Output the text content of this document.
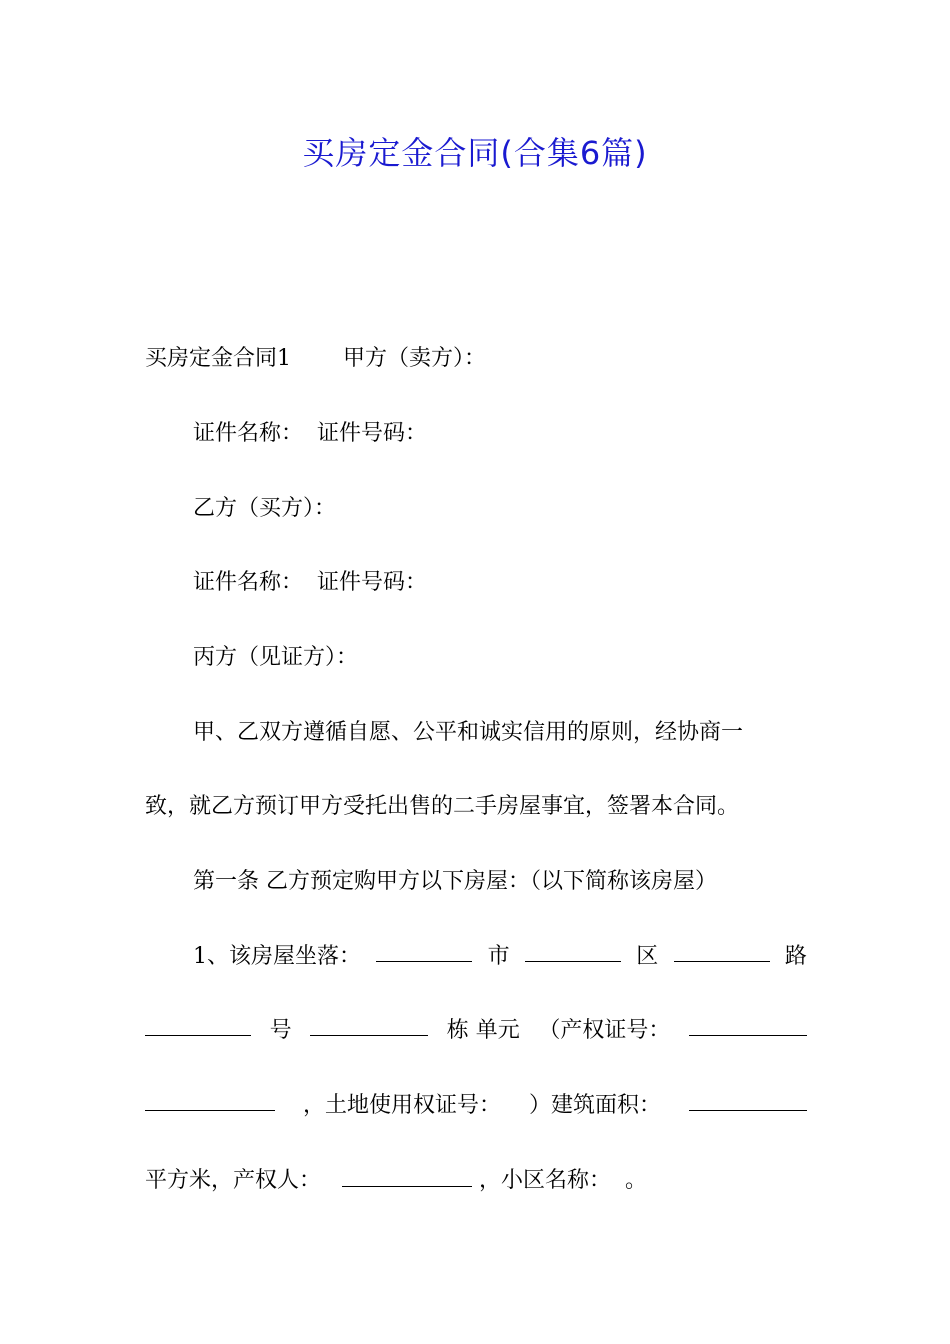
买房定金合同(合集6篇)
买房定金合同1 甲方（卖方）：
证件名称： 证件号码：
乙方（买方）：
证件名称： 证件号码：
丙方（见证方）：
甲、乙双方遵循自愿、公平和诚实信用的原则，经协商一
致，就乙方预订甲方受托出售的二手房屋事宜，签署本合同。
第一条 乙方预定购甲方以下房屋：（以下简称该房屋）
1、该房屋坐落：	市	区	路
号	栋 单元 （产权证号：
，土地使用权证号： ）建筑面积：
平方米，产权人：	，小区名称： 。
